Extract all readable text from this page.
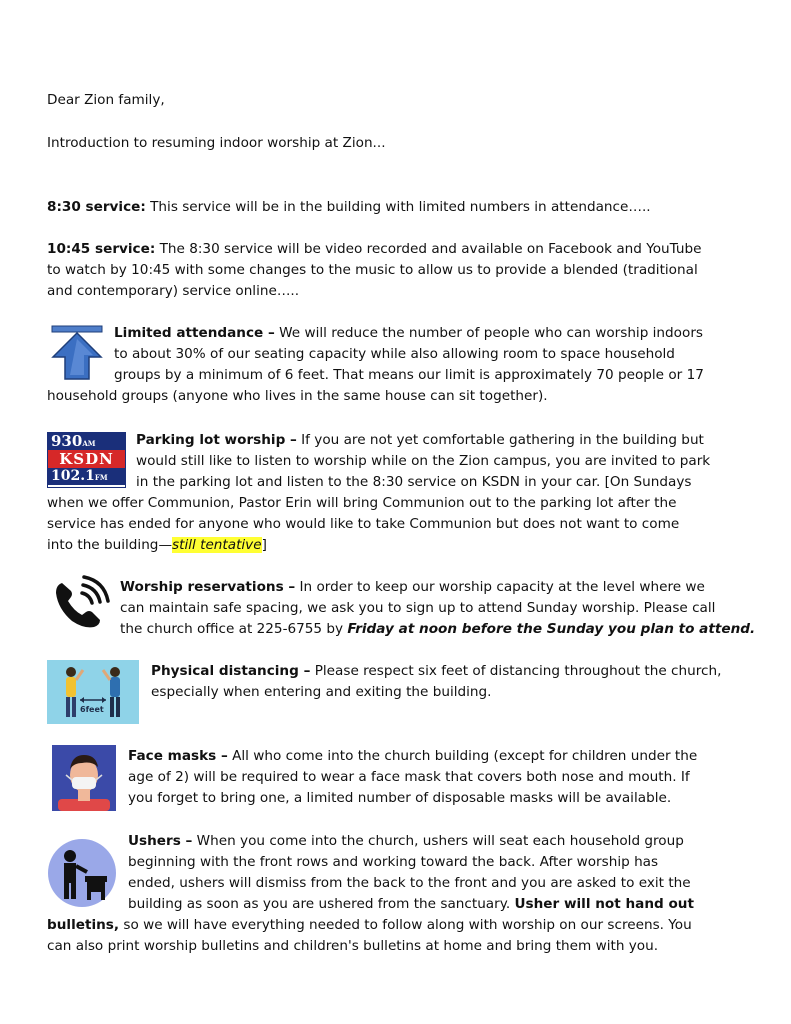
Dear Zion family,
Introduction to resuming indoor worship at Zion...
8:30 service: This service will be in the building with limited numbers in attendance…..
10:45 service: The 8:30 service will be video recorded and available on Facebook and YouTube
to watch by 10:45 with some changes to the music to allow us to provide a blended (traditional
and contemporary) service online…..
Limited attendance – We will reduce the number of people who can worship indoors
to about 30% of our seating capacity while also allowing room to space household
groups by a minimum of 6 feet. That means our limit is approximately 70 people or 17
household groups (anyone who lives in the same house can sit together).
930AM
KSDN
102.1FM
Parking lot worship – If you are not yet comfortable gathering in the building but
would still like to listen to worship while on the Zion campus, you are invited to park
in the parking lot and listen to the 8:30 service on KSDN in your car. [On Sundays
when we offer Communion, Pastor Erin will bring Communion out to the parking lot after the
service has ended for anyone who would like to take Communion but does not want to come
into the building—still tentative]
Worship reservations – In order to keep our worship capacity at the level where we
can maintain safe spacing, we ask you to sign up to attend Sunday worship. Please call
the church office at 225-6755 by Friday at noon before the Sunday you plan to attend.
6feet
Physical distancing – Please respect six feet of distancing throughout the church,
especially when entering and exiting the building.
Face masks – All who come into the church building (except for children under the
age of 2) will be required to wear a face mask that covers both nose and mouth. If
you forget to bring one, a limited number of disposable masks will be available.
Ushers – When you come into the church, ushers will seat each household group
beginning with the front rows and working toward the back. After worship has
ended, ushers will dismiss from the back to the front and you are asked to exit the
building as soon as you are ushered from the sanctuary. Usher will not hand out
bulletins, so we will have everything needed to follow along with worship on our screens. You
can also print worship bulletins and children's bulletins at home and bring them with you.
